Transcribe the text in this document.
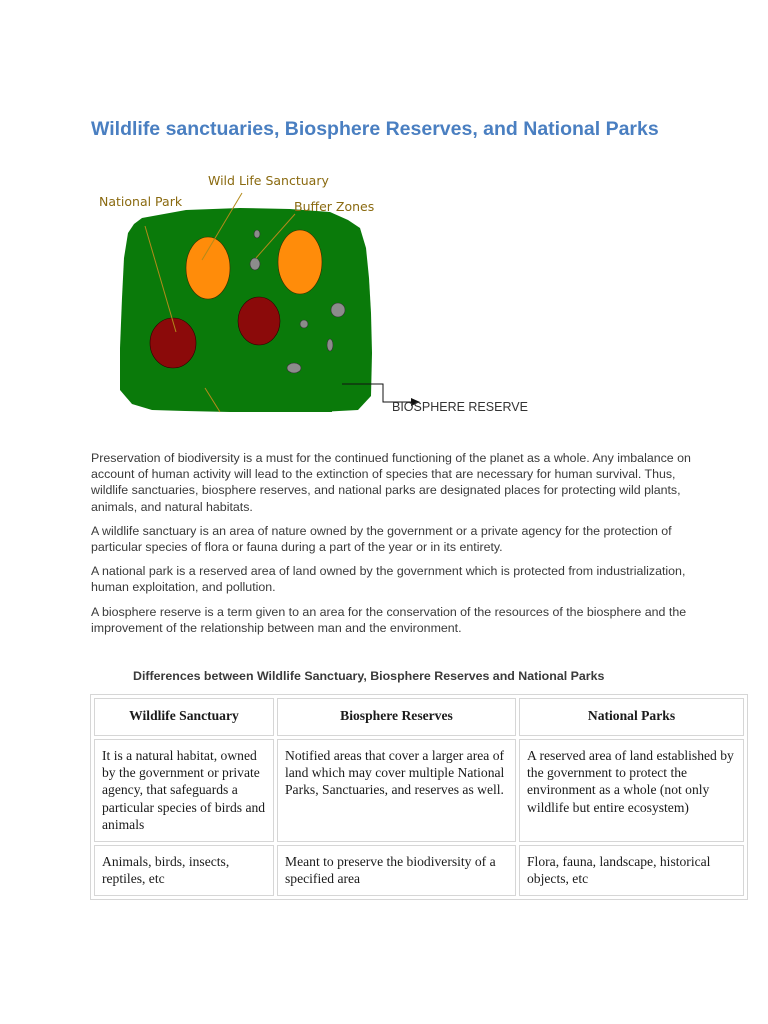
Wildlife sanctuaries, Biosphere Reserves, and National Parks
Wild Life Sanctuary
National Park	Buffer Zones
BIOSPHERE RESERVE

Preservation of biodiversity is a must for the continued functioning of the planet as a whole. Any imbalance on account of human activity will lead to the extinction of species that are necessary for human survival. Thus, wildlife sanctuaries, biosphere reserves, and national parks are designated places for protecting wild plants, animals, and natural habitats.

A wildlife sanctuary is an area of nature owned by the government or a private agency for the protection of particular species of flora or fauna during a part of the year or in its entirety.

A national park is a reserved area of land owned by the government which is protected from industrialization, human exploitation, and pollution.

A biosphere reserve is a term given to an area for the conservation of the resources of the biosphere and the improvement of the relationship between man and the environment.

Differences between Wildlife Sanctuary, Biosphere Reserves and National Parks

Wildlife Sanctuary	Biosphere Reserves	National Parks
It is a natural habitat, owned by the government or private agency, that safeguards a particular species of birds and animals	Notified areas that cover a larger area of land which may cover multiple National Parks, Sanctuaries, and reserves as well.	A reserved area of land established by the government to protect the environment as a whole (not only wildlife but entire ecosystem)
Animals, birds, insects, reptiles, etc	Meant to preserve the biodiversity of a specified area	Flora, fauna, landscape, historical objects, etc
